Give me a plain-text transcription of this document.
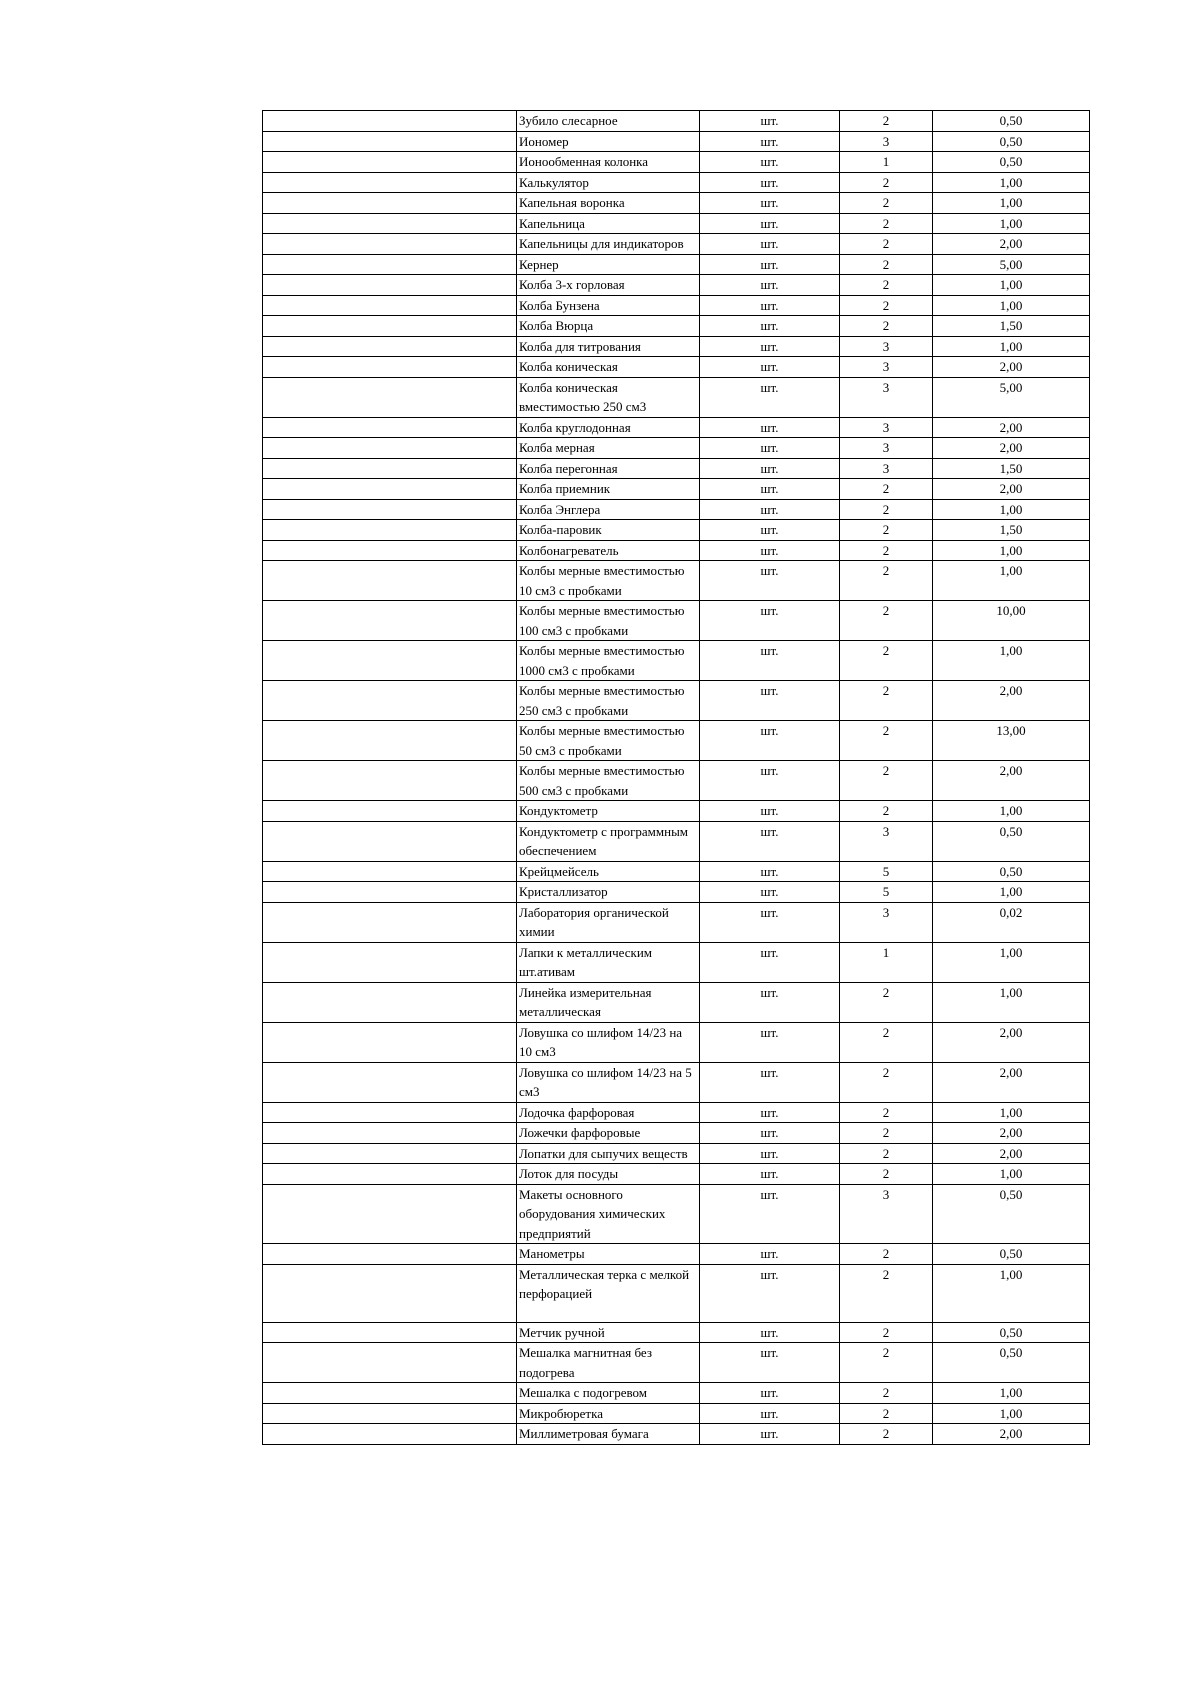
	Зубило слесарное	шт.	2	0,50
	Иономер	шт.	3	0,50
	Ионообменная колонка	шт.	1	0,50
	Калькулятор	шт.	2	1,00
	Капельная воронка	шт.	2	1,00
	Капельница	шт.	2	1,00
	Капельницы для индикаторов	шт.	2	2,00
	Кернер	шт.	2	5,00
	Колба 3-х горловая	шт.	2	1,00
	Колба Бунзена	шт.	2	1,00
	Колба Вюрца	шт.	2	1,50
	Колба для титрования	шт.	3	1,00
	Колба коническая	шт.	3	2,00
	Колба коническая вместимостью 250 см3	шт.	3	5,00
	Колба круглодонная	шт.	3	2,00
	Колба мерная	шт.	3	2,00
	Колба перегонная	шт.	3	1,50
	Колба приемник	шт.	2	2,00
	Колба Энглера	шт.	2	1,00
	Колба-паровик	шт.	2	1,50
	Колбонагреватель	шт.	2	1,00
	Колбы мерные вместимостью 10 см3 с пробками	шт.	2	1,00
	Колбы мерные вместимостью 100 см3 с пробками	шт.	2	10,00
	Колбы мерные вместимостью 1000 см3 с пробками	шт.	2	1,00
	Колбы мерные вместимостью 250 см3 с пробками	шт.	2	2,00
	Колбы мерные вместимостью 50 см3 с пробками	шт.	2	13,00
	Колбы мерные вместимостью 500 см3 с пробками	шт.	2	2,00
	Кондуктометр	шт.	2	1,00
	Кондуктометр с программным обеспечением	шт.	3	0,50
	Крейцмейсель	шт.	5	0,50
	Кристаллизатор	шт.	5	1,00
	Лаборатория органической химии	шт.	3	0,02
	Лапки к металлическим шт.ативам	шт.	1	1,00
	Линейка измерительная металлическая	шт.	2	1,00
	Ловушка со шлифом 14/23 на 10 см3	шт.	2	2,00
	Ловушка со шлифом 14/23 на 5 см3	шт.	2	2,00
	Лодочка фарфоровая	шт.	2	1,00
	Ложечки фарфоровые	шт.	2	2,00
	Лопатки для сыпучих веществ	шт.	2	2,00
	Лоток для посуды	шт.	2	1,00
	Макеты основного оборудования химических предприятий	шт.	3	0,50
	Манометры	шт.	2	0,50
	Металлическая терка с мелкой перфорацией	шт.	2	1,00
	Метчик ручной	шт.	2	0,50
	Мешалка магнитная без подогрева	шт.	2	0,50
	Мешалка с подогревом	шт.	2	1,00
	Микробюретка	шт.	2	1,00
	Миллиметровая бумага	шт.	2	2,00
